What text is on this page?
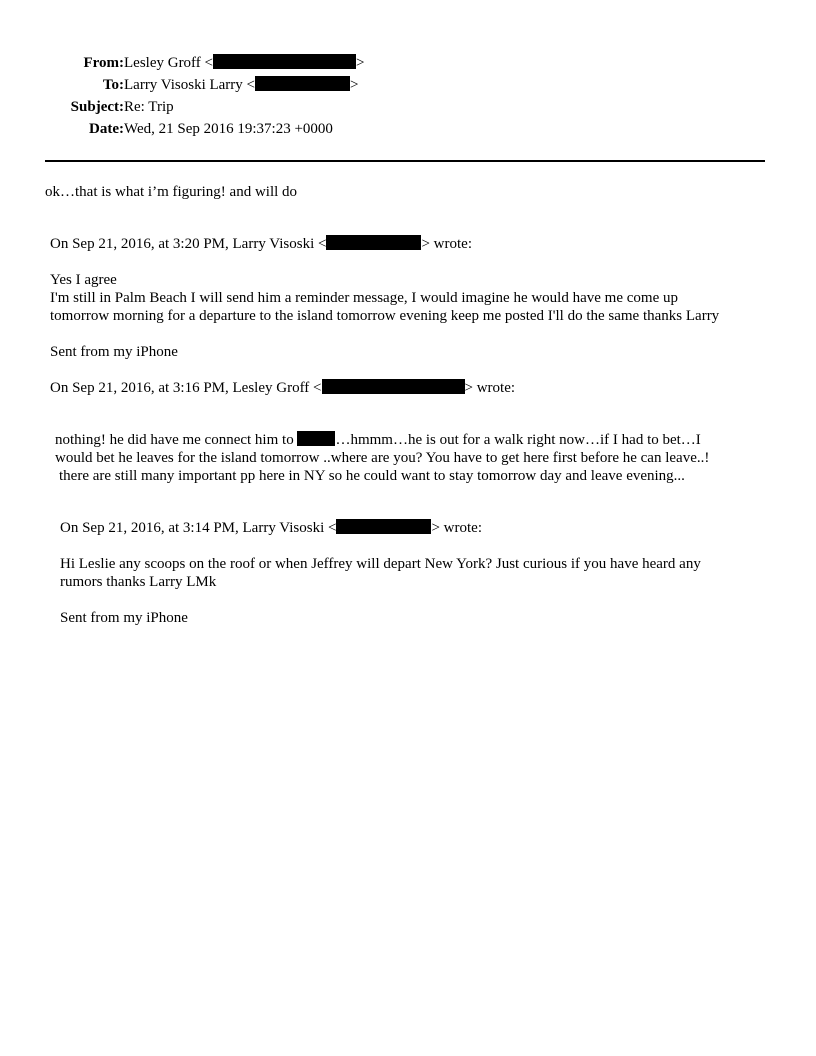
From: Lesley Groff <	>
To: Larry Visoski Larry <	>
Subject: Re: Trip
Date: Wed, 21 Sep 2016 19:37:23 +0000
ok…that is what i’m figuring! and will do
On Sep 21, 2016, at 3:20 PM, Larry Visoski <	> wrote:
Yes I agree
I'm still in Palm Beach I will send him a reminder message, I would imagine he would have me come up
tomorrow morning for a departure to the island tomorrow evening keep me posted I'll do the same thanks Larry
Sent from my iPhone
On Sep 21, 2016, at 3:16 PM, Lesley Groff <	> wrote:
nothing! he did have me connect him to	…hmmm…he is out for a walk right now…if I had to bet…I
would bet he leaves for the island tomorrow ..where are you? You have to get here first before he can leave..!
there are still many important pp here in NY so he could want to stay tomorrow day and leave evening...
On Sep 21, 2016, at 3:14 PM, Larry Visoski <	> wrote:
Hi Leslie any scoops on the roof or when Jeffrey will depart New York? Just curious if you have heard any
rumors thanks Larry LMk
Sent from my iPhone
